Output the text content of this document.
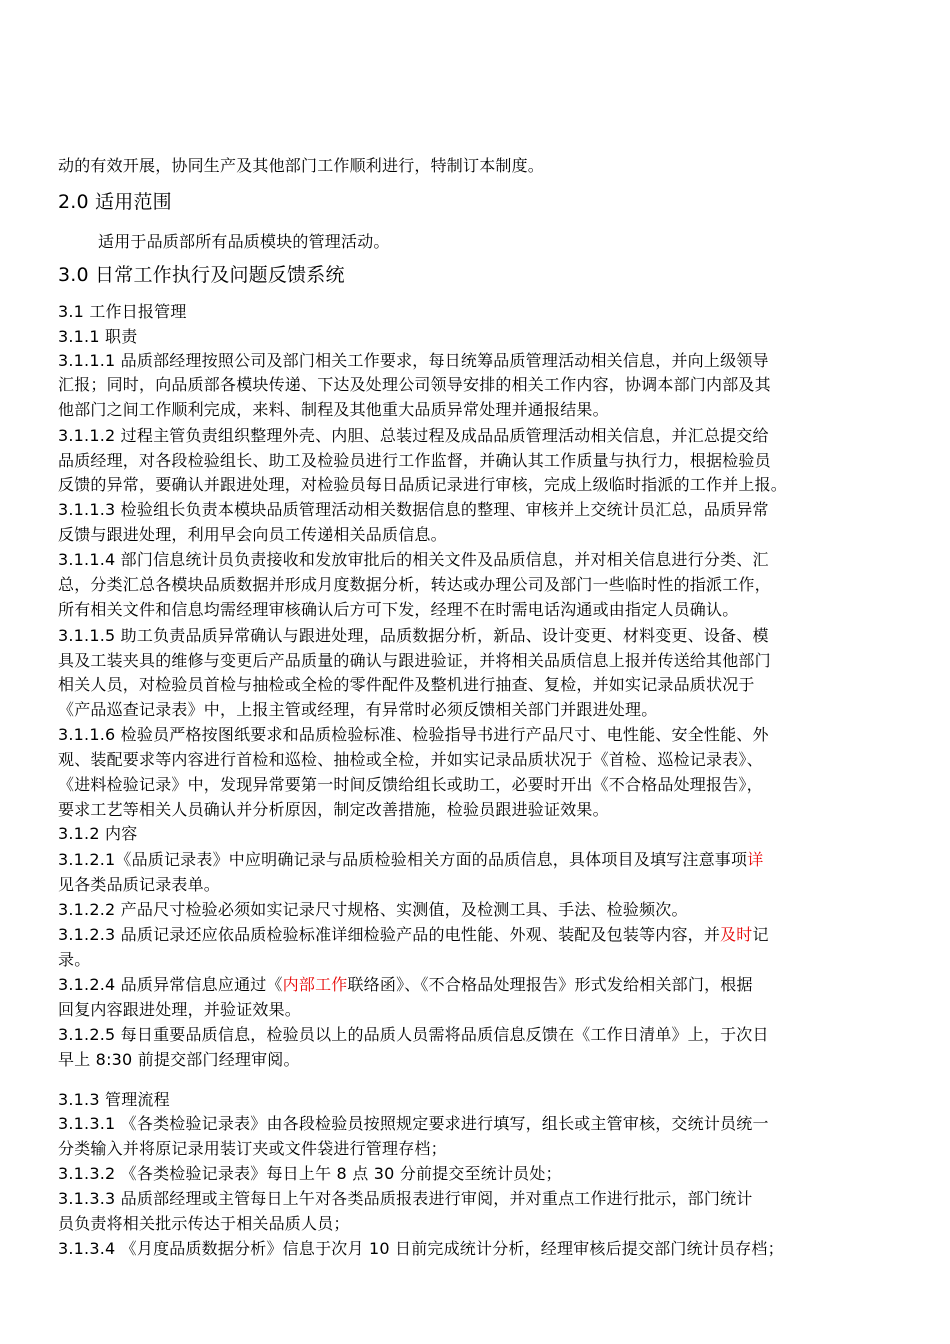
动的有效开展，协同生产及其他部门工作顺利进行，特制订本制度。
2.0 适用范围
适用于品质部所有品质模块的管理活动。
3.0 日常工作执行及问题反馈系统
3.1 工作日报管理
3.1.1 职责
3.1.1.1 品质部经理按照公司及部门相关工作要求，每日统筹品质管理活动相关信息，并向上级领导
汇报；同时，向品质部各模块传递、下达及处理公司领导安排的相关工作内容，协调本部门内部及其
他部门之间工作顺利完成，来料、制程及其他重大品质异常处理并通报结果。
3.1.1.2 过程主管负责组织整理外壳、内胆、总装过程及成品品质管理活动相关信息，并汇总提交给
品质经理，对各段检验组长、助工及检验员进行工作监督，并确认其工作质量与执行力，根据检验员
反馈的异常，要确认并跟进处理，对检验员每日品质记录进行审核，完成上级临时指派的工作并上报。
3.1.1.3 检验组长负责本模块品质管理活动相关数据信息的整理、审核并上交统计员汇总，品质异常
反馈与跟进处理，利用早会向员工传递相关品质信息。
3.1.1.4 部门信息统计员负责接收和发放审批后的相关文件及品质信息，并对相关信息进行分类、汇
总，分类汇总各模块品质数据并形成月度数据分析，转达或办理公司及部门一些临时性的指派工作，
所有相关文件和信息均需经理审核确认后方可下发，经理不在时需电话沟通或由指定人员确认。
3.1.1.5 助工负责品质异常确认与跟进处理，品质数据分析，新品、设计变更、材料变更、设备、模
具及工装夹具的维修与变更后产品质量的确认与跟进验证，并将相关品质信息上报并传送给其他部门
相关人员，对检验员首检与抽检或全检的零件配件及整机进行抽查、复检，并如实记录品质状况于
《产品巡查记录表》中，上报主管或经理，有异常时必须反馈相关部门并跟进处理。
3.1.1.6 检验员严格按图纸要求和品质检验标准、检验指导书进行产品尺寸、电性能、安全性能、外
观、装配要求等内容进行首检和巡检、抽检或全检，并如实记录品质状况于《首检、巡检记录表》、
《进料检验记录》中，发现异常要第一时间反馈给组长或助工，必要时开出《不合格品处理报告》，
要求工艺等相关人员确认并分析原因，制定改善措施，检验员跟进验证效果。
3.1.2 内容
3.1.2.1《品质记录表》中应明确记录与品质检验相关方面的品质信息，具体项目及填写注意事项详
见各类品质记录表单。
3.1.2.2 产品尺寸检验必须如实记录尺寸规格、实测值，及检测工具、手法、检验频次。
3.1.2.3 品质记录还应依品质检验标准详细检验产品的电性能、外观、装配及包装等内容，并及时记
录。
3.1.2.4 品质异常信息应通过《内部工作联络函》、《不合格品处理报告》形式发给相关部门，根据
回复内容跟进处理，并验证效果。
3.1.2.5 每日重要品质信息，检验员以上的品质人员需将品质信息反馈在《工作日清单》上，于次日
早上 8:30 前提交部门经理审阅。
3.1.3 管理流程
3.1.3.1 《各类检验记录表》由各段检验员按照规定要求进行填写，组长或主管审核，交统计员统一
分类输入并将原记录用装订夹或文件袋进行管理存档；
3.1.3.2 《各类检验记录表》每日上午 8 点 30 分前提交至统计员处；
3.1.3.3 品质部经理或主管每日上午对各类品质报表进行审阅，并对重点工作进行批示，部门统计
员负责将相关批示传达于相关品质人员；
3.1.3.4 《月度品质数据分析》信息于次月 10 日前完成统计分析，经理审核后提交部门统计员存档；
